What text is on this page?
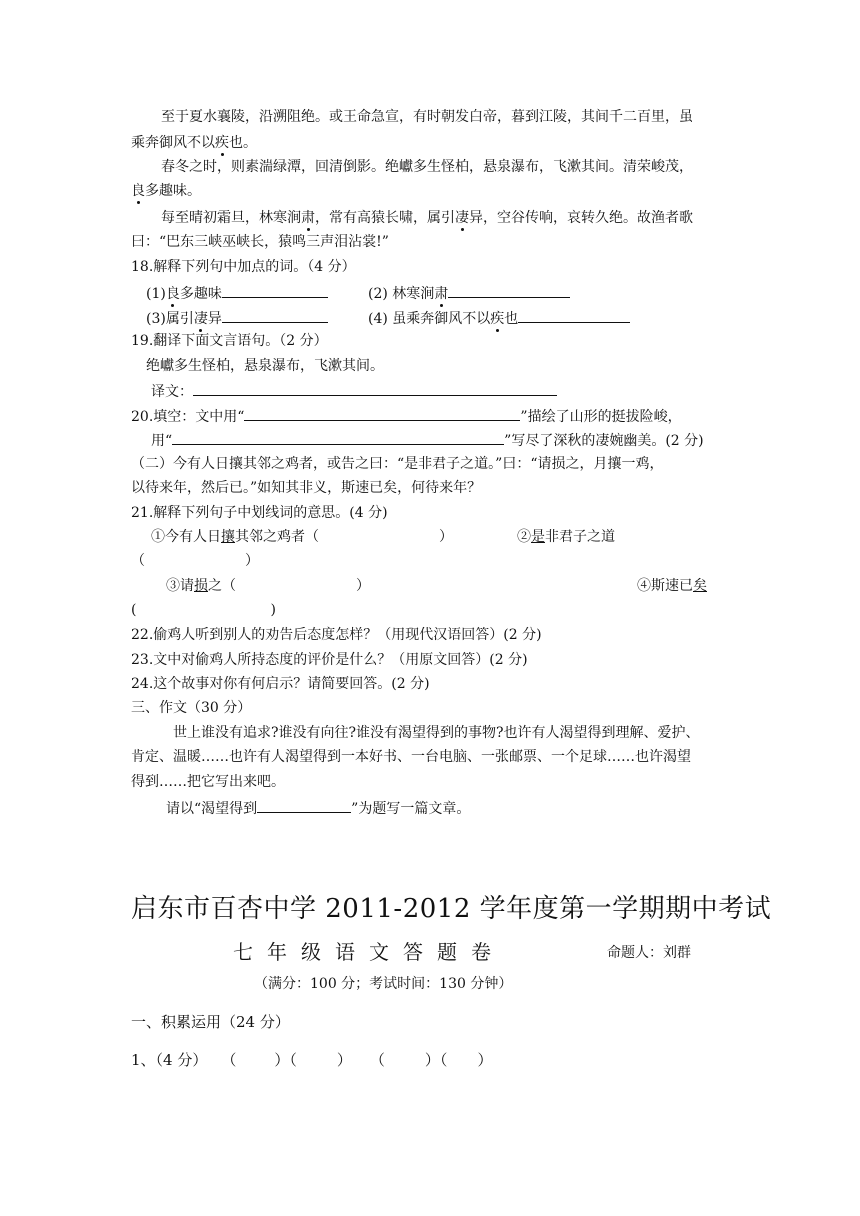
至于夏水襄陵，沿溯阻绝。或王命急宣，有时朝发白帝，暮到江陵，其间千二百里，虽
乘奔御风不以疾也。
春冬之时，则素湍绿潭，回清倒影。绝巘多生怪柏，悬泉瀑布，飞漱其间。清荣峻茂，
良多趣味。
每至晴初霜旦，林寒涧肃，常有高猿长啸，属引凄异，空谷传响，哀转久绝。故渔者歌
曰：“巴东三峡巫峡长，猿鸣三声泪沾裳!”
18.解释下列句中加点的词。（4 分）
(1)良多趣味	(2) 林寒涧肃
(3)属引凄异	(4) 虽乘奔御风不以疾也
19.翻译下面文言语句。（2 分）
绝巘多生怪柏，悬泉瀑布，飞漱其间。
译文：
20.填空：文中用“	”描绘了山形的挺拔险峻，
用“	”写尽了深秋的凄婉幽美。(2 分)
（二）今有人日攘其邻之鸡者，或告之曰：“是非君子之道。”曰：“请损之，月攘一鸡，
以待来年，然后已。”如知其非义，斯速已矣，何待来年？
21.解释下列句子中划线词的意思。(4 分)
①今有人日攘其邻之鸡者（	）	②是非君子之道
（	）
③请损之（	）	④斯速已矣
(	)
22.偷鸡人听到别人的劝告后态度怎样？（用现代汉语回答）(2 分)
23.文中对偷鸡人所持态度的评价是什么？（用原文回答）(2 分)
24.这个故事对你有何启示？请简要回答。(2 分)
三、作文（30 分）
世上谁没有追求?谁没有向往?谁没有渴望得到的事物?也许有人渴望得到理解、爱护、
肯定、温暖……也许有人渴望得到一本好书、一台电脑、一张邮票、一个足球……也许渴望
得到……把它写出来吧。
请以“渴望得到	”为题写一篇文章。
启东市百杏中学 2011-2012 学年度第一学期期中考试
七年级语文答题卷	命题人：刘群
（满分：100 分；考试时间：130 分钟）
一、积累运用（24 分）
1、（4 分） （	）（	） （	）（ ）
